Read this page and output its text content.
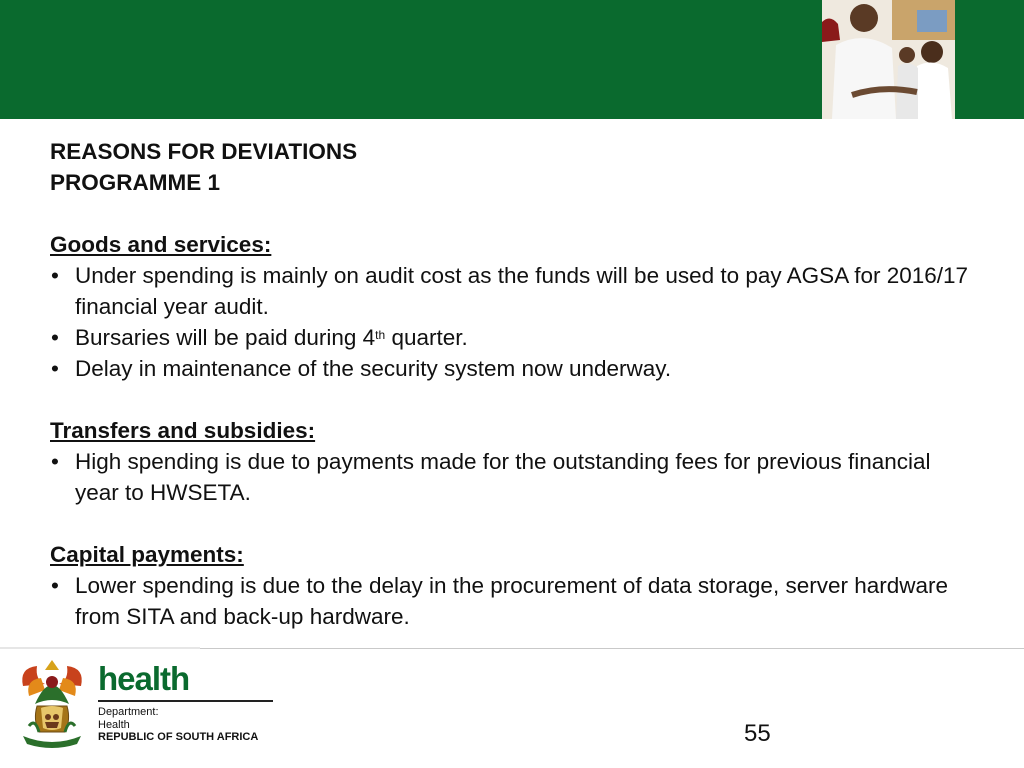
REASONS FOR DEVIATIONS

PROGRAMME 1

Goods and services:

• Under spending is mainly on audit cost as the funds will be used to pay AGSA for 2016/17 financial year audit.
• Bursaries will be paid during 4th quarter.
• Delay in maintenance of the security system now underway.

Transfers and subsidies:

• High spending is due to payments made for the outstanding fees for previous financial year to HWSETA.

Capital payments:

• Lower spending is due to the delay in the procurement of data storage, server hardware from SITA and back-up hardware.
health
Department:
Health
REPUBLIC OF SOUTH AFRICA	55
